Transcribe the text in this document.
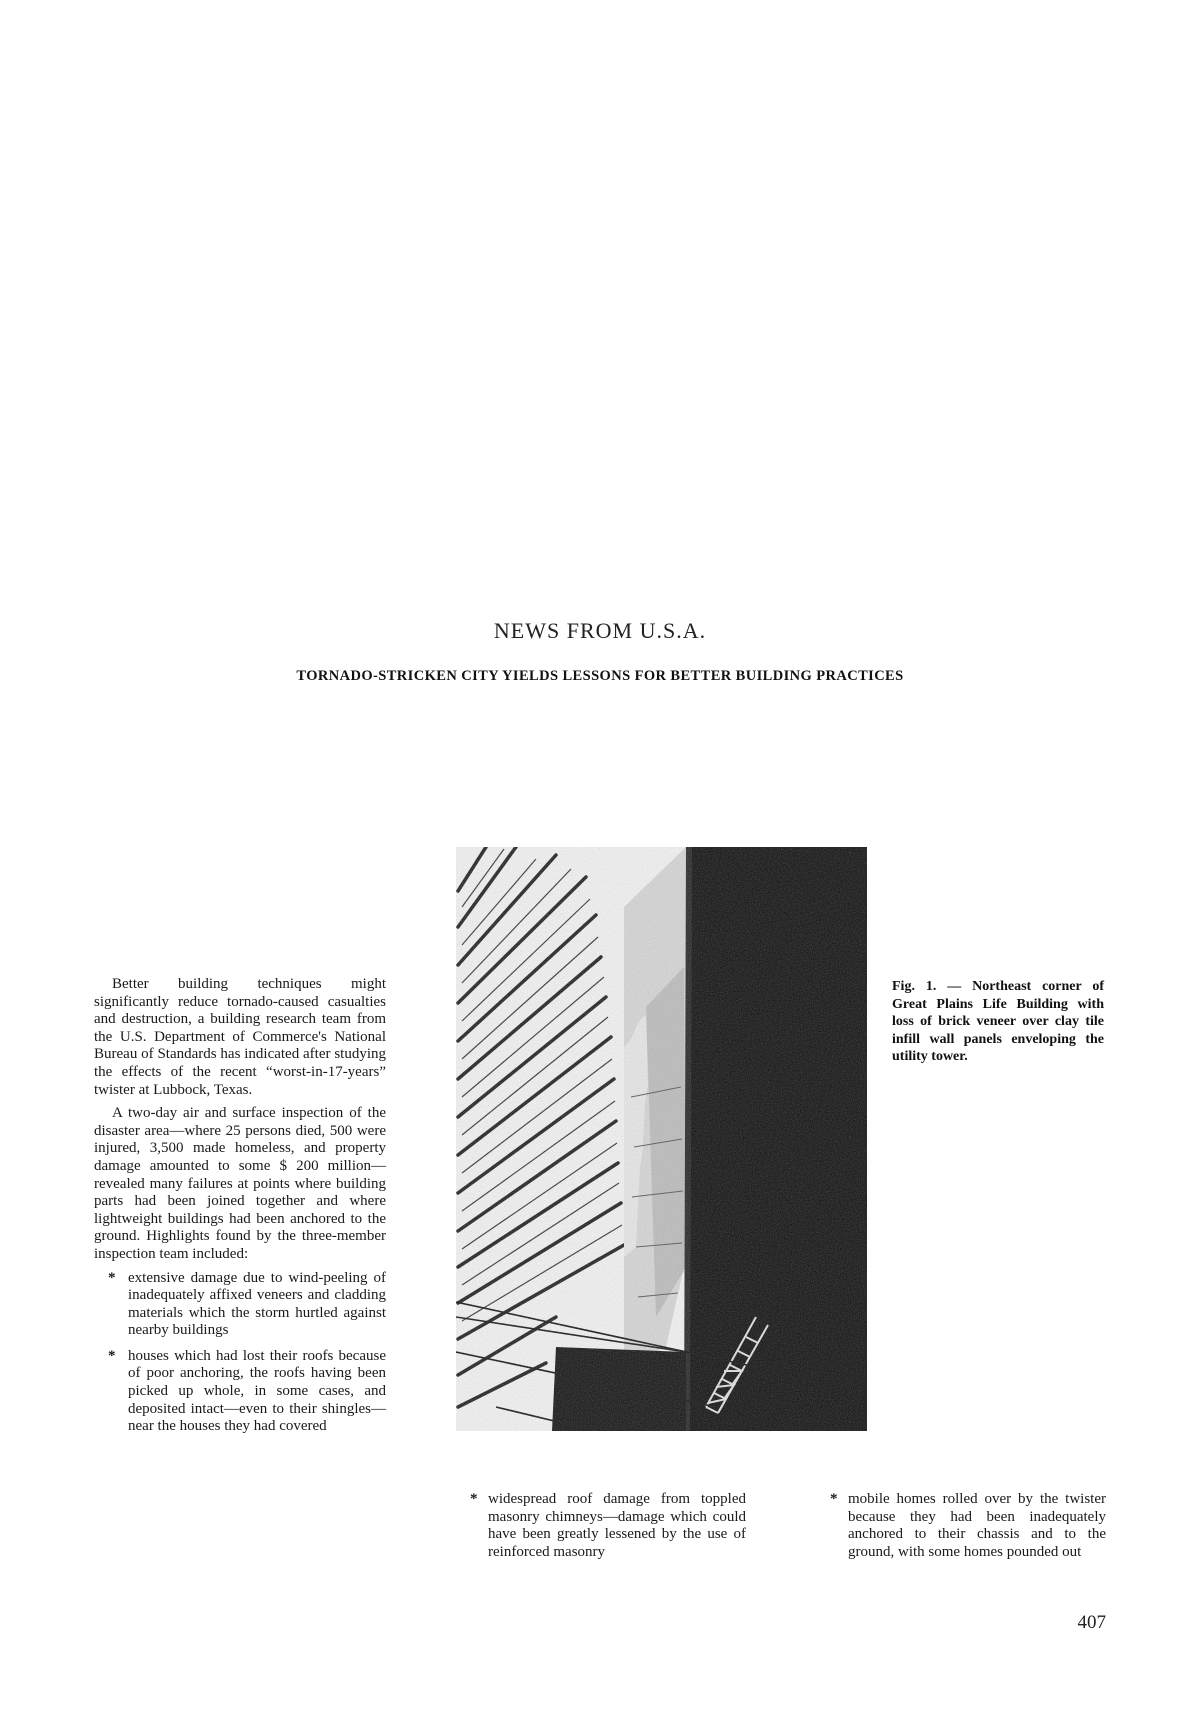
NEWS FROM U.S.A.
TORNADO-STRICKEN CITY YIELDS LESSONS FOR BETTER BUILDING PRACTICES

Better building techniques might significantly reduce tornado-caused casualties and destruction, a building research team from the U.S. Department of Commerce's National Bureau of Standards has indicated after studying the effects of the recent “worst-in-17-years” twister at Lubbock, Texas.

A two-day air and surface inspection of the disaster area—where 25 persons died, 500 were injured, 3,500 made homeless, and property damage amounted to some $ 200 million—revealed many failures at points where building parts had been joined together and where lightweight buildings had been anchored to the ground. Highlights found by the three-member inspection team included:

* extensive damage due to wind-peeling of inadequately affixed veneers and cladding materials which the storm hurtled against nearby buildings
* houses which had lost their roofs because of poor anchoring, the roofs having been picked up whole, in some cases, and deposited intact—even to their shingles—near the houses they had covered
Fig. 1. — Northeast corner of Great Plains Life Building with loss of brick veneer over clay tile infill wall panels enveloping the utility tower.
* widespread roof damage from toppled masonry chimneys—damage which could have been greatly lessened by the use of reinforced masonry
* mobile homes rolled over by the twister because they had been inadequately anchored to their chassis and to the ground, with some homes pounded out
407
